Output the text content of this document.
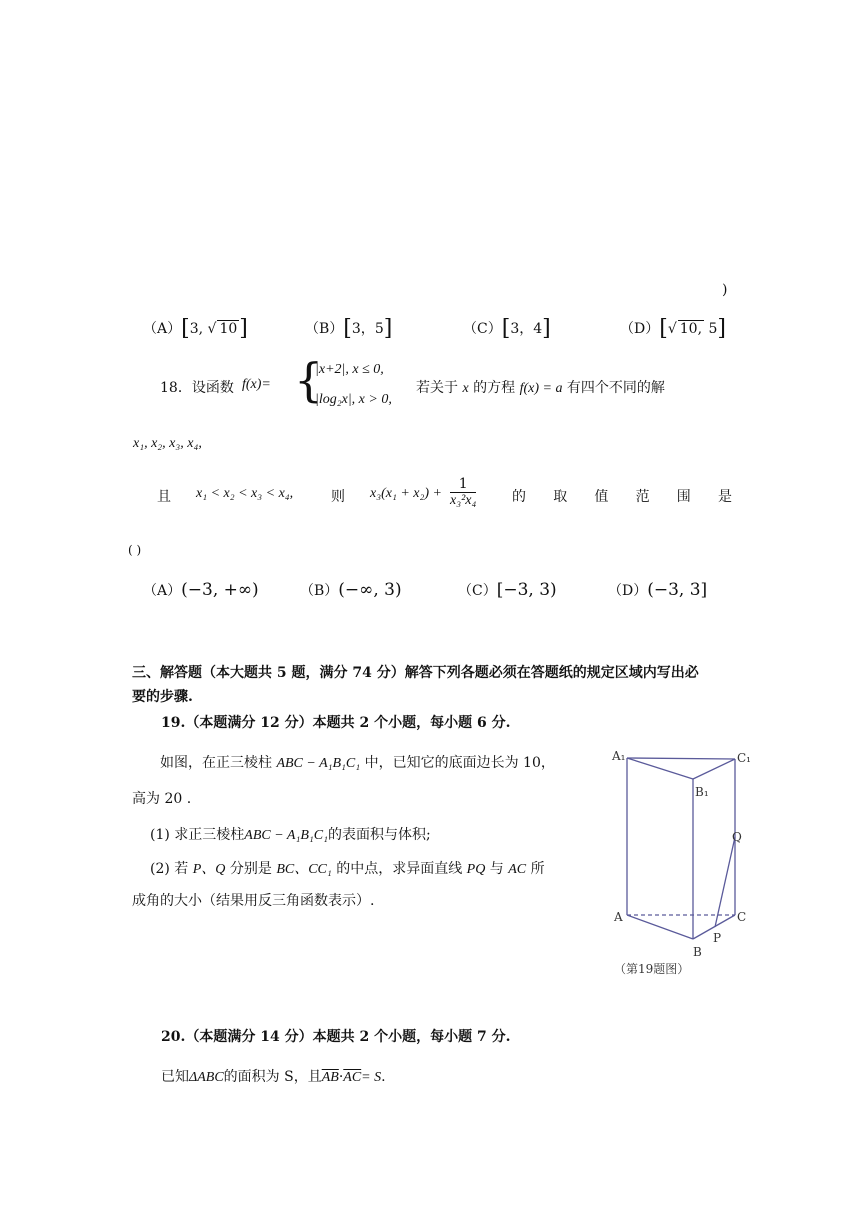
)
（A）[3, √ 10]	（B）[3，5]	（C）[3，4]	（D）[√ 10, 5]
18．设函数 f(x)= {
|x+2|, x ≤ 0,
|log₂x|, x > 0,
若关于 x 的方程 f(x) = a 有四个不同的解
x₁, x₂, x₃, x₄,
且 x₁ < x₂ < x₃ < x₄,	则 $x_3(x_1 + x_2) + \frac{1}{\text{x₃²x₄}}$	的 取 值 范 围 是
( )
（A）(−3, +∞)	（B）(−∞, 3)	（C）[−3, 3)	（D）(−3, 3]
三、解答题（本大题共 5 题，满分 74 分）解答下列各题必须在答题纸的规定区域内写出必
要的步骤.
19.（本题满分 12 分）本题共 2 个小题，每小题 6 分.
如图，在正三棱柱 ABC − A₁B₁C₁ 中，已知它的底面边长为 10，
高为 20 .
(1) 求正三棱柱ABC − A₁B₁C₁的表面积与体积;
(2) 若 P、Q 分别是 BC、CC₁ 的中点，求异面直线 PQ 与 AC 所
成角的大小（结果用反三角函数表示）.
A₁	C₁
B₁
Q
A	C
P
B
（第19题图）
20.（本题满分 14 分）本题共 2 个小题，每小题 7 分.
已知ΔABC的面积为 S，且$\overline{AB}\cdot\overline{AC}= S$.
